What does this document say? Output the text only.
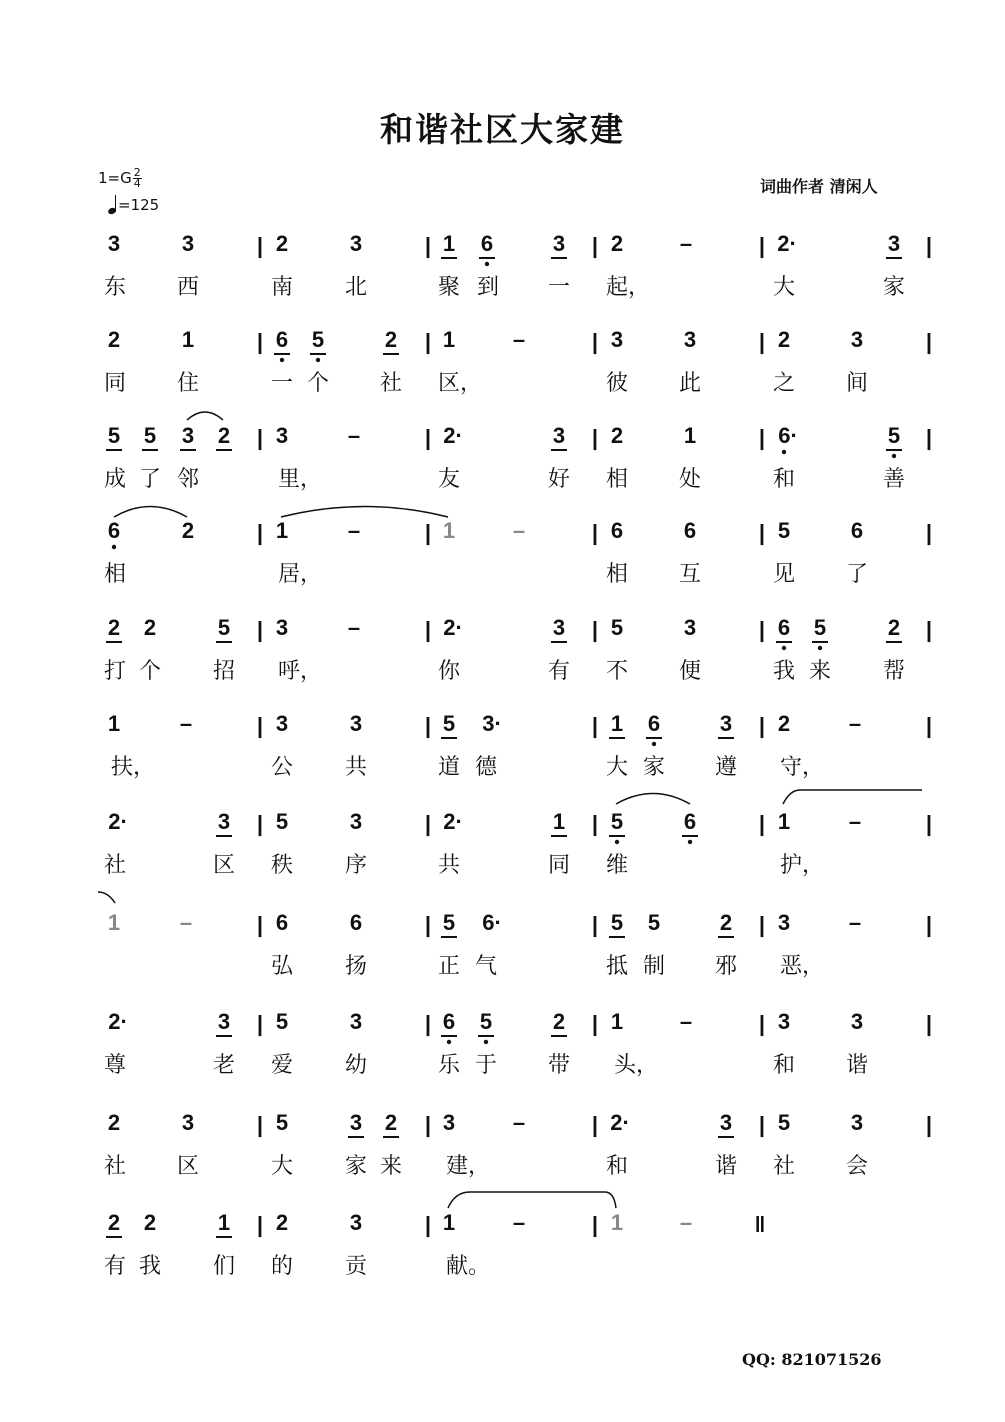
和谐社区大家建
$1=G \frac{2}{4}$
=125
词曲作者 清闲人
3	3	| 2	3	| 1 6	3 | 2	–	| 2·	3 |
东 西	南 北	聚 到 一 起，	大	家
2	1	| 6 5	2 | 1	–	| 3	3	| 2	3	|
同 住	一 个 社 区，	彼 此	之 间
5 5 3 2 | 3	–	| 2·	3 | 2	1	| 6·	5 |
成 了 邻	里，	友	好 相 处	和	善
6	2	| 1	–	| 1	–	| 6	6	| 5	6	|
相	居，	相 互	见 了
2 2	5 | 3	–	| 2·	3 | 5	3	| 6 5	2 |
打 个 招 呼，	你	有 不 便	我 来 帮
1	–	| 3	3	| 5 3·	| 1 6	3 | 2	–	|
扶，	公 共	道 德	大 家 遵 守，
2·	3 | 5	3	| 2·	1 | 5	6	| 1	–	|
社	区 秩 序	共	同 维	护，
1	–	| 6	6	| 5 6·	| 5 5	2 | 3	–	|
弘 扬	正 气	抵 制 邪 恶，
2·	3 | 5	3	| 6 5	2 | 1	–	| 3	3	|
尊	老 爱 幼	乐 于 带 头，	和 谐
2	3	| 5	3 2 | 3	–	| 2·	3 | 5	3	|
社 区	大 家 来 建，	和	谐 社 会
2 2	1 | 2	3	| 1	–	| 1	–	‖
有 我 们 的 贡	献。
QQ: 821071526
